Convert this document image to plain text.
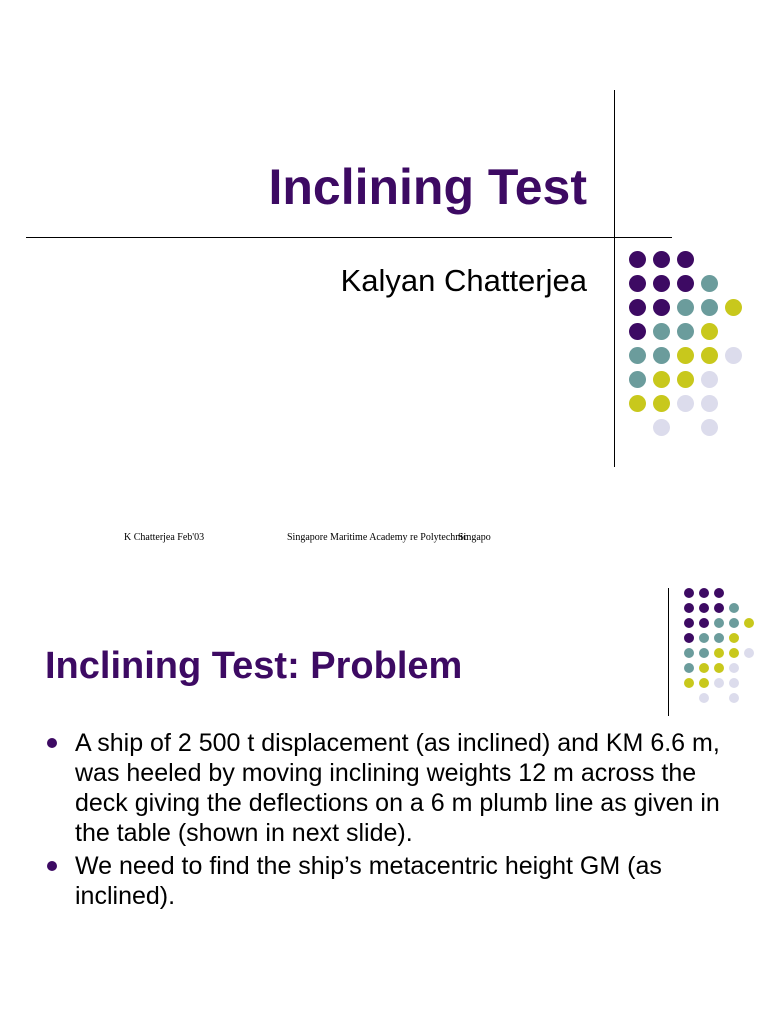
Inclining Test
Kalyan Chatterjea
K Chatterjea Feb'03	Singapore Maritime Academy re Polytechnic
Singapo
Inclining Test: Problem
A ship of 2 500 t displacement (as inclined) and KM 6.6 m, was heeled by moving inclining weights 12 m across the deck giving the deflections on a 6 m plumb line as given in the table (shown in next slide).
We need to find the ship’s metacentric height GM (as inclined).
